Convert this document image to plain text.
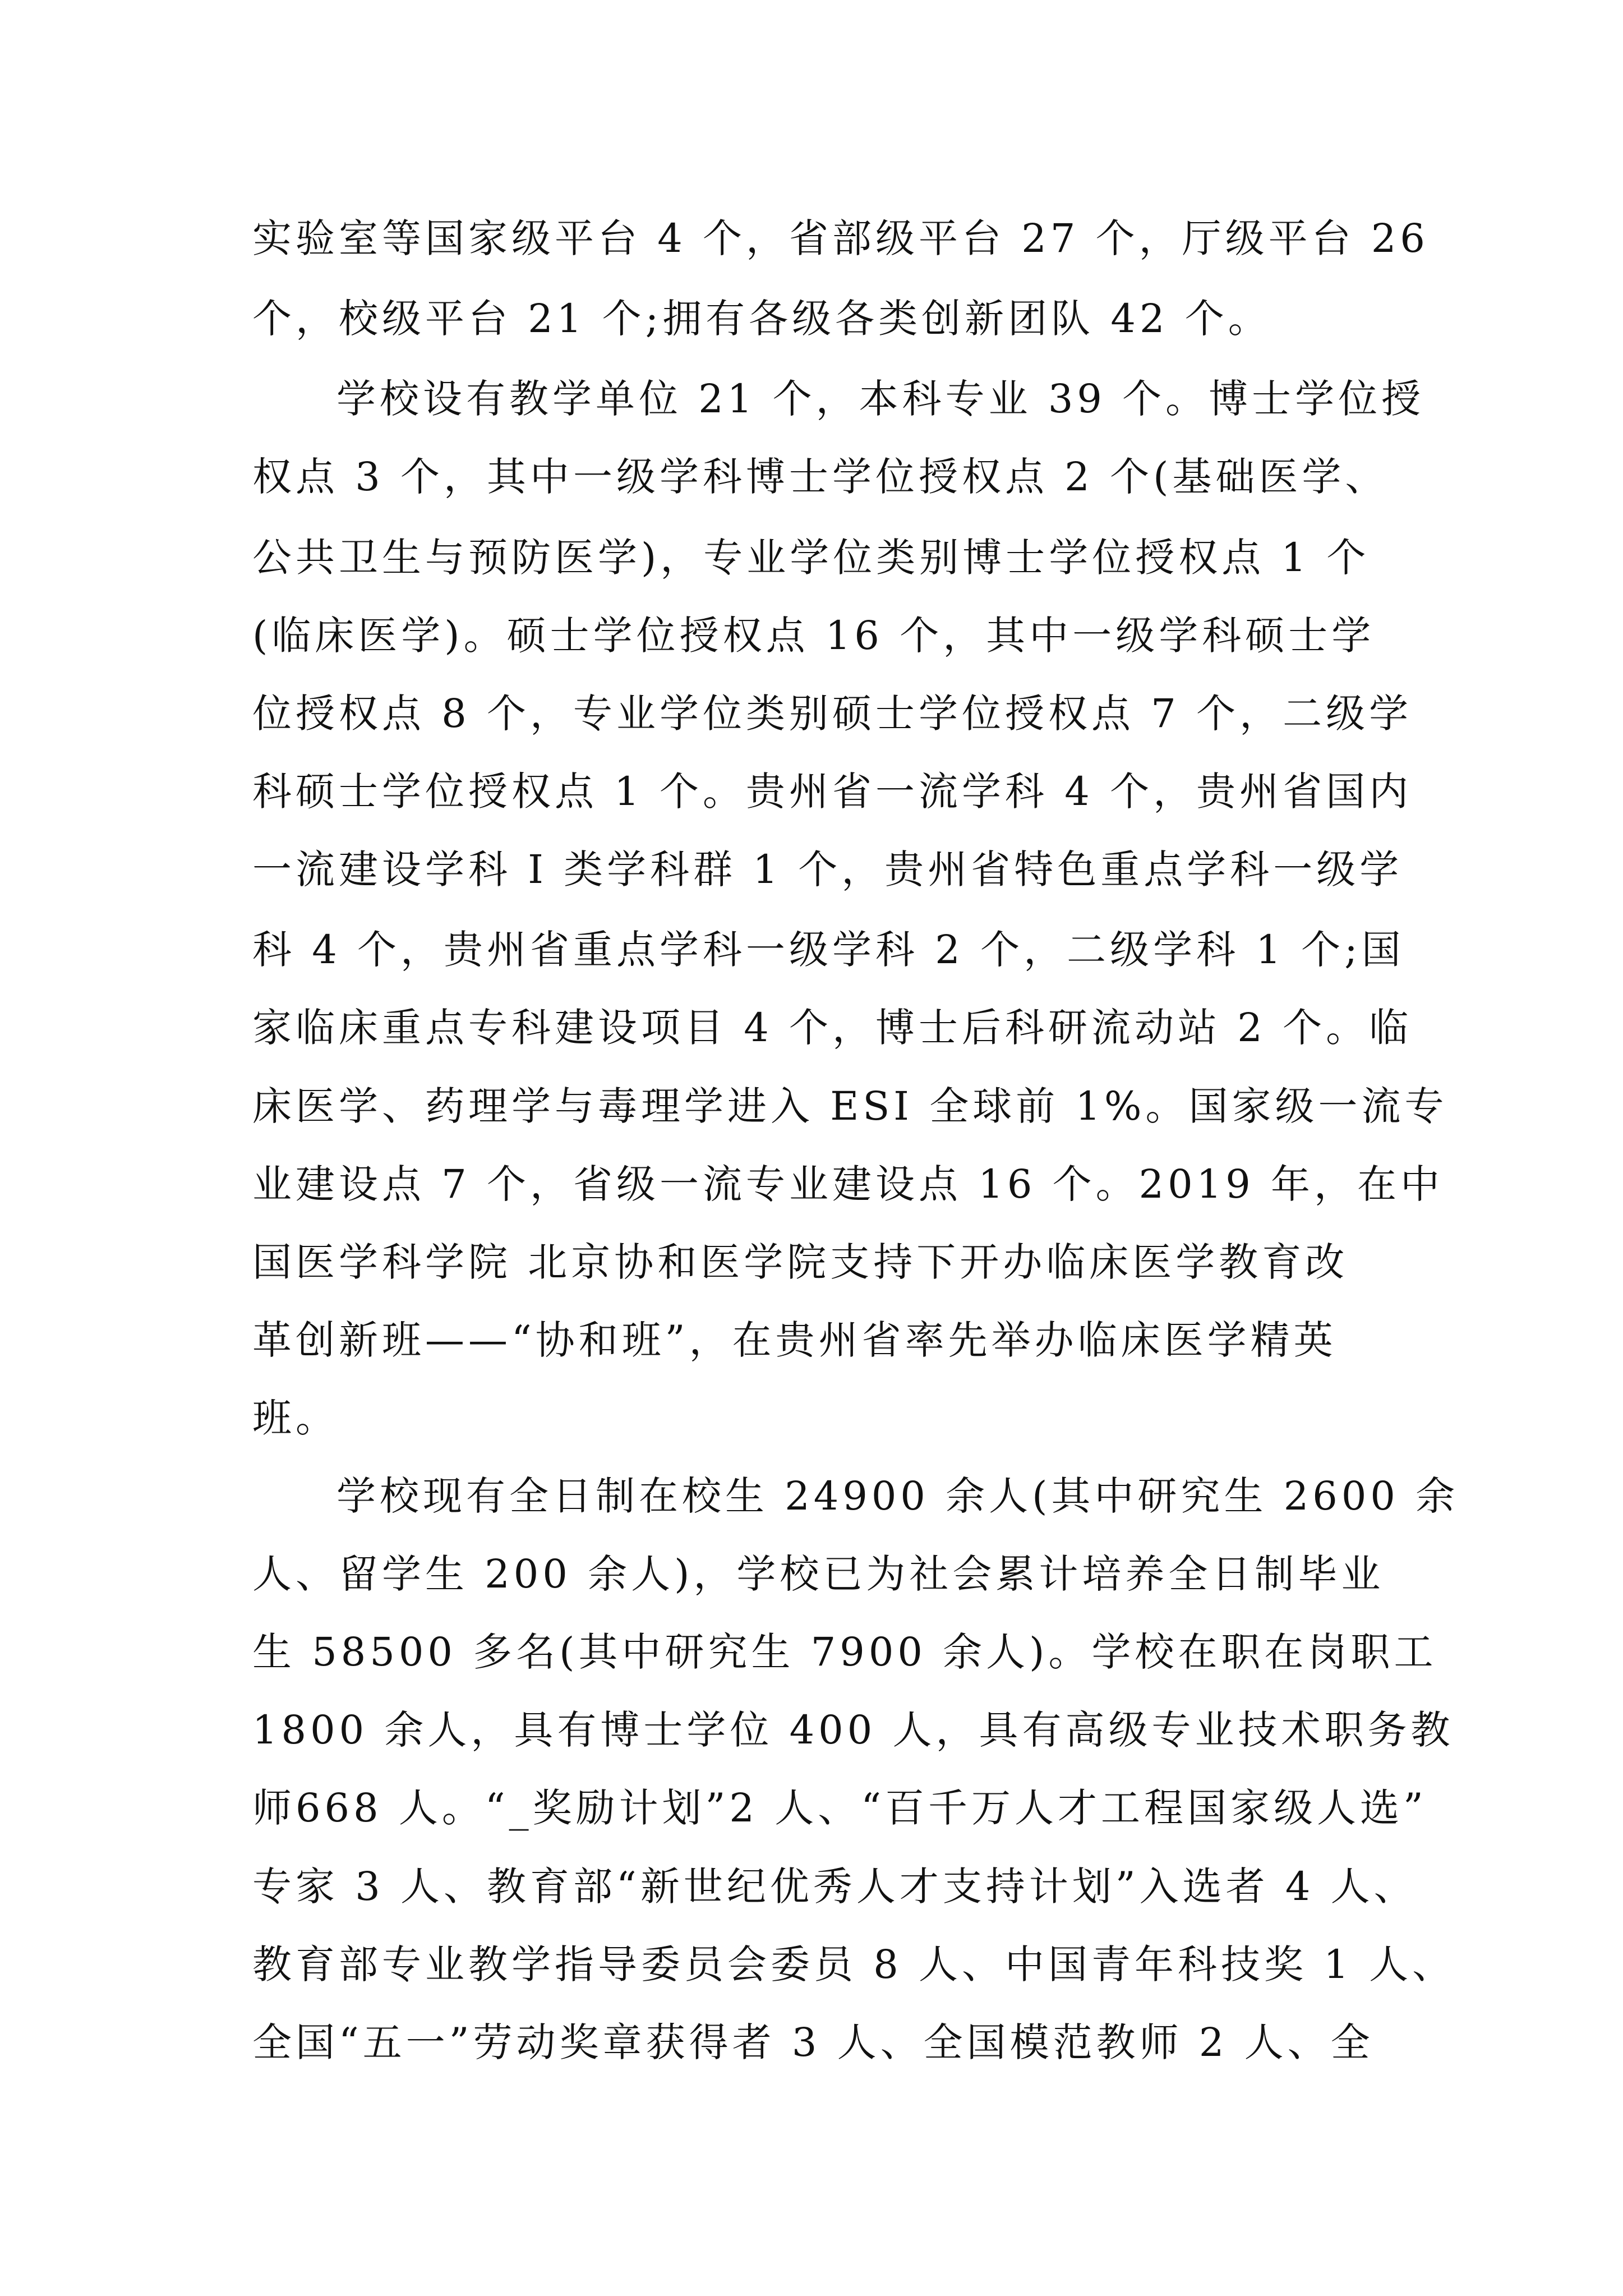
实验室等国家级平台 4 个，省部级平台 27 个，厅级平台 26
个，校级平台 21 个;拥有各级各类创新团队 42 个。
学校设有教学单位 21 个，本科专业 39 个。博士学位授
权点 3 个，其中一级学科博士学位授权点 2 个(基础医学、
公共卫生与预防医学)，专业学位类别博士学位授权点 1 个
(临床医学)。硕士学位授权点 16 个，其中一级学科硕士学
位授权点 8 个，专业学位类别硕士学位授权点 7 个，二级学
科硕士学位授权点 1 个。贵州省一流学科 4 个，贵州省国内
一流建设学科 I 类学科群 1 个，贵州省特色重点学科一级学
科 4 个，贵州省重点学科一级学科 2 个，二级学科 1 个;国
家临床重点专科建设项目 4 个，博士后科研流动站 2 个。临
床医学、药理学与毒理学进入 ESI 全球前 1%。国家级一流专
业建设点 7 个，省级一流专业建设点 16 个。2019 年，在中
国医学科学院 北京协和医学院支持下开办临床医学教育改
革创新班——“协和班”，在贵州省率先举办临床医学精英
班。
学校现有全日制在校生 24900 余人(其中研究生 2600 余
人、留学生 200 余人)，学校已为社会累计培养全日制毕业
生 58500 多名(其中研究生 7900 余人)。学校在职在岗职工
1800 余人，具有博士学位 400 人，具有高级专业技术职务教
师668 人。“_奖励计划”2 人、“百千万人才工程国家级人选”
专家 3 人、教育部“新世纪优秀人才支持计划”入选者 4 人、
教育部专业教学指导委员会委员 8 人、中国青年科技奖 1 人、
全国“五一”劳动奖章获得者 3 人、全国模范教师 2 人、全
